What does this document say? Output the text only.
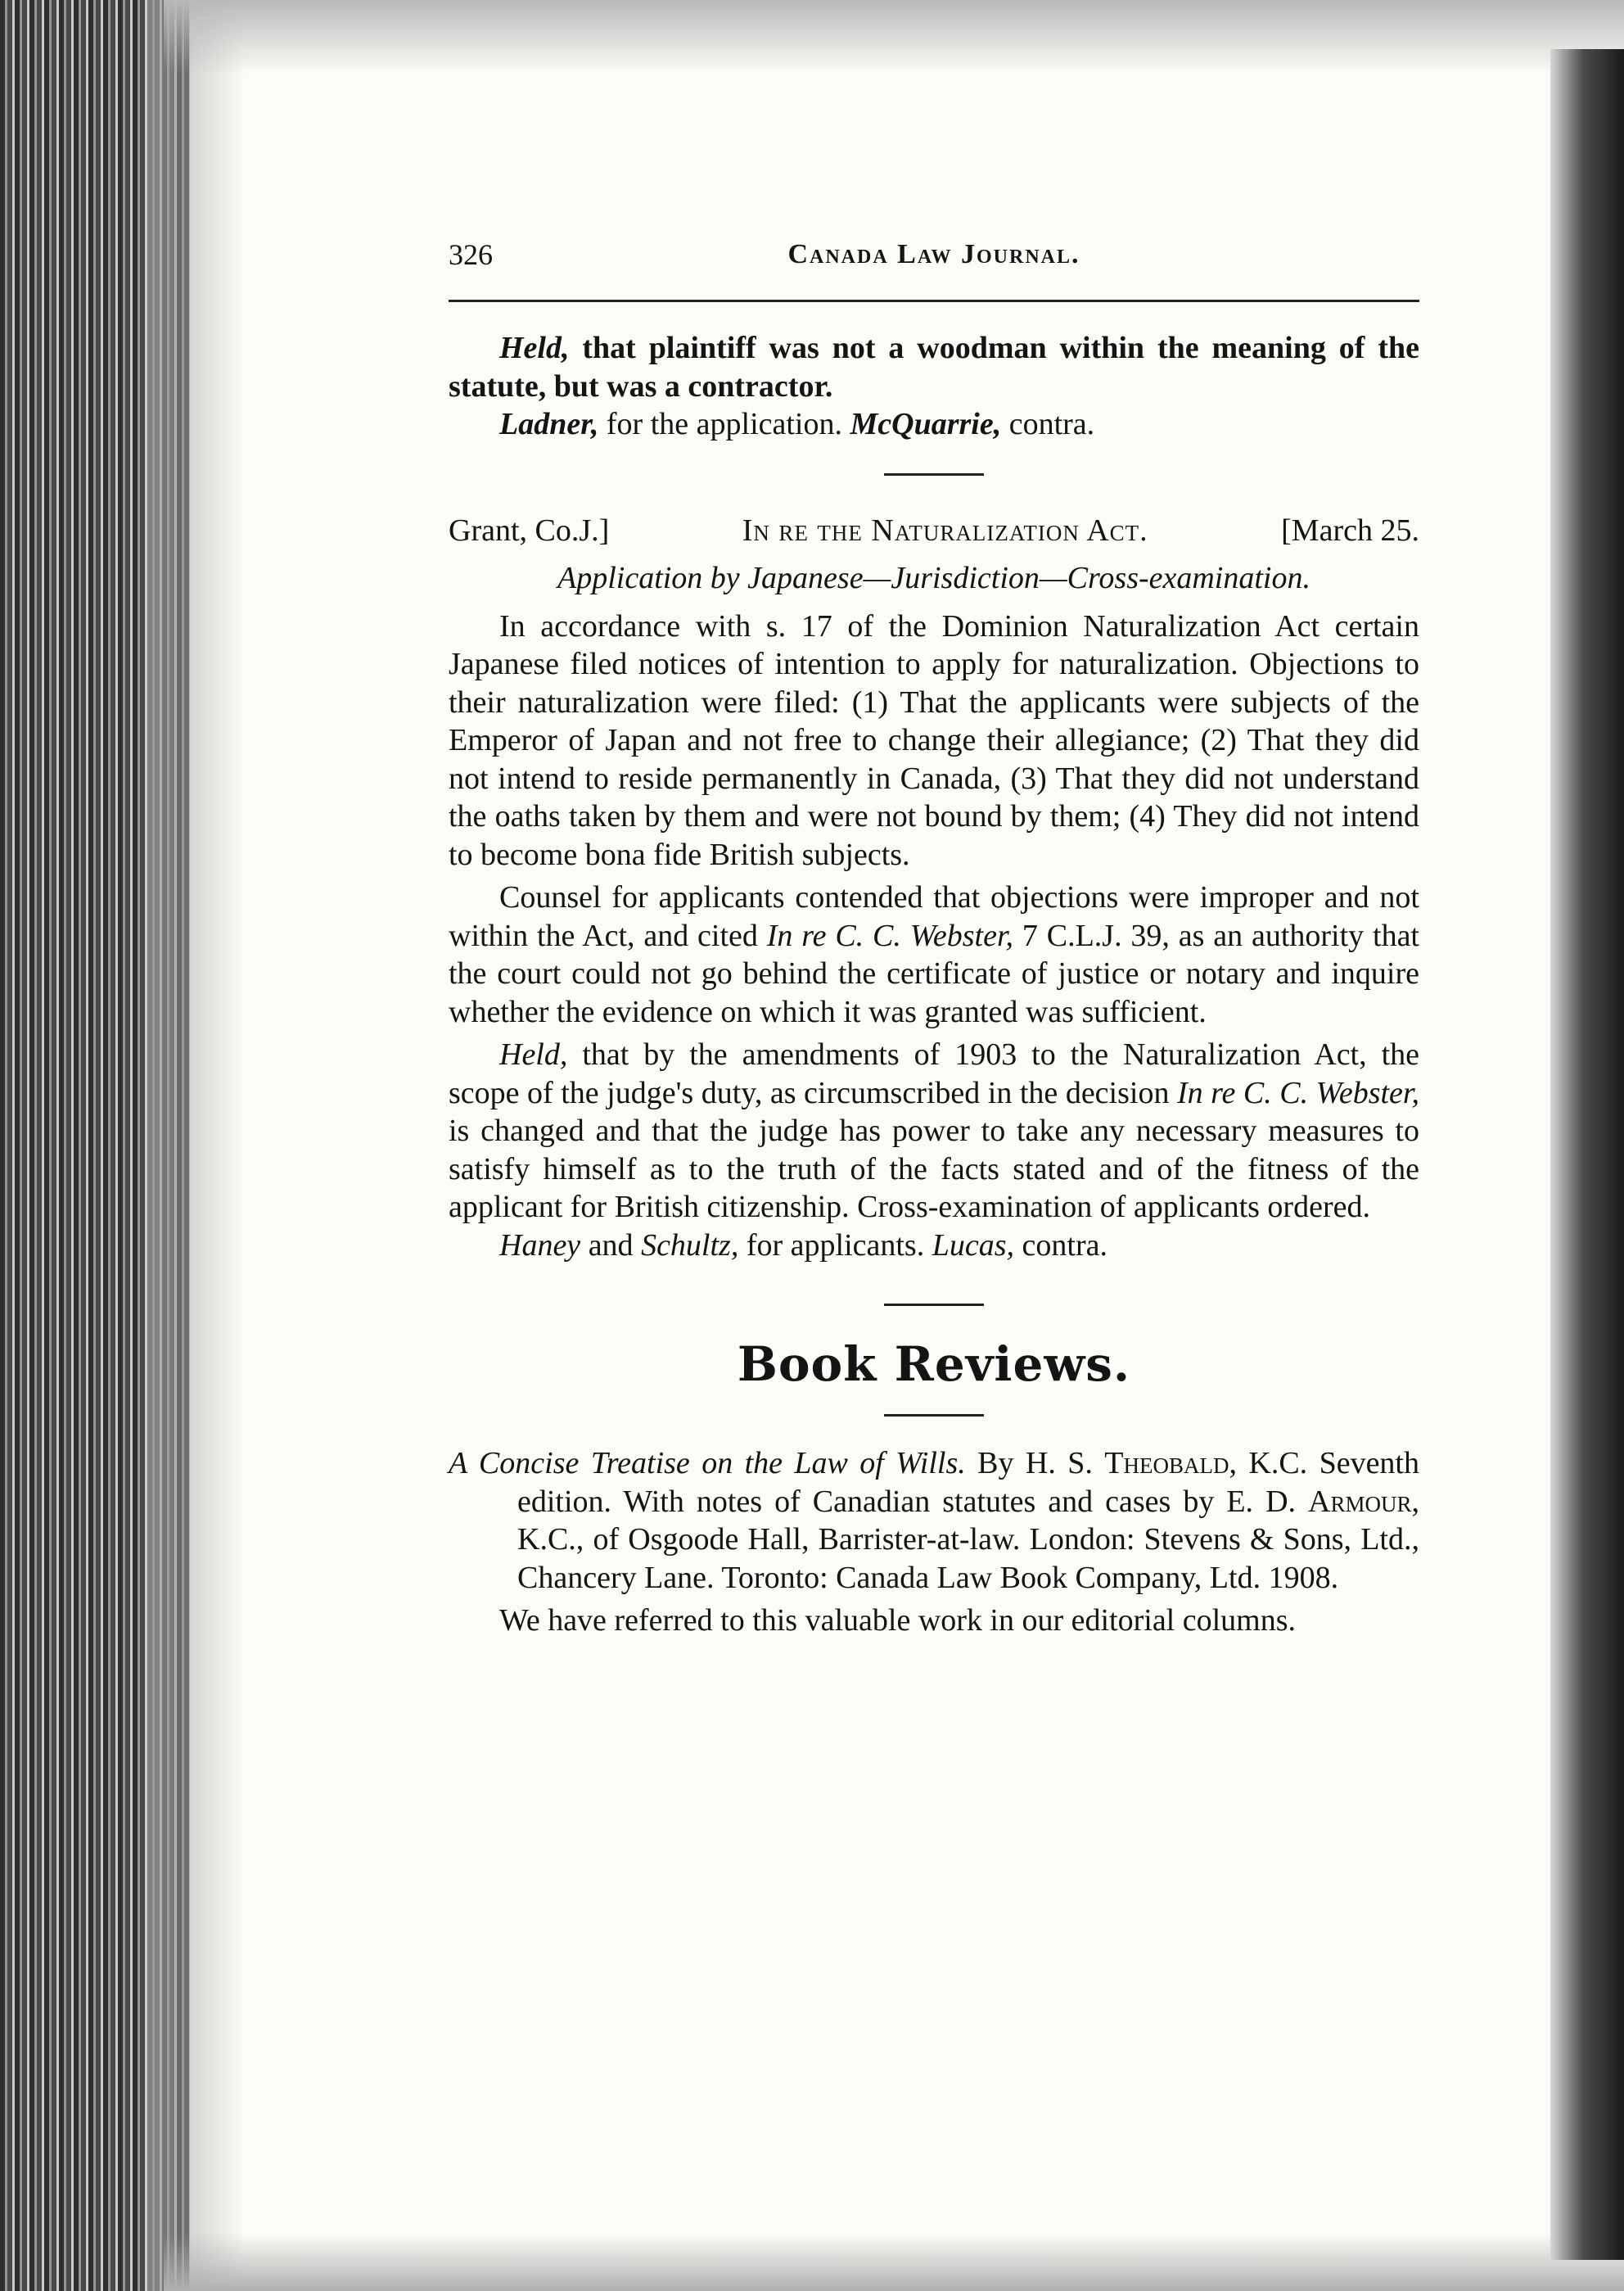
326	Canada Law Journal.

Held, that plaintiff was not a woodman within the meaning of the statute, but was a contractor.

Ladner, for the application. McQuarrie, contra.

Grant, Co.J.]	In re the Naturalization Act.	[March 25.

Application by Japanese—Jurisdiction—Cross-examination.

In accordance with s. 17 of the Dominion Naturalization Act certain Japanese filed notices of intention to apply for naturalization. Objections to their naturalization were filed: (1) That the applicants were subjects of the Emperor of Japan and not free to change their allegiance; (2) That they did not intend to reside permanently in Canada, (3) That they did not understand the oaths taken by them and were not bound by them; (4) They did not intend to become bona fide British subjects.

Counsel for applicants contended that objections were improper and not within the Act, and cited In re C. C. Webster, 7 C.L.J. 39, as an authority that the court could not go behind the certificate of justice or notary and inquire whether the evidence on which it was granted was sufficient.

Held, that by the amendments of 1903 to the Naturalization Act, the scope of the judge's duty, as circumscribed in the decision In re C. C. Webster, is changed and that the judge has power to take any necessary measures to satisfy himself as to the truth of the facts stated and of the fitness of the applicant for British citizenship. Cross-examination of applicants ordered.

Haney and Schultz, for applicants. Lucas, contra.

Book Reviews.

A Concise Treatise on the Law of Wills. By H. S. Theobald, K.C. Seventh edition. With notes of Canadian statutes and cases by E. D. Armour, K.C., of Osgoode Hall, Barrister-at-law. London: Stevens & Sons, Ltd., Chancery Lane. Toronto: Canada Law Book Company, Ltd. 1908.

We have referred to this valuable work in our editorial columns.
